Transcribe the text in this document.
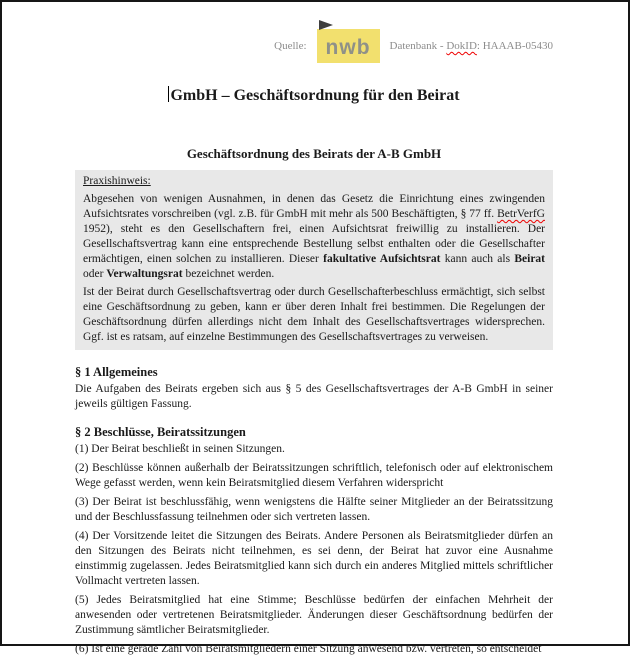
Quelle: nwb Datenbank - DokID: HAAAB-05430
GmbH – Geschäftsordnung für den Beirat
Geschäftsordnung des Beirats der A-B GmbH

Praxishinweis:

Abgesehen von wenigen Ausnahmen, in denen das Gesetz die Einrichtung eines zwingenden Aufsichtsrates vorschreiben (vgl. z.B. für GmbH mit mehr als 500 Beschäftigten, § 77 ff. BetrVerfG 1952), steht es den Gesellschaftern frei, einen Aufsichtsrat freiwillig zu installieren. Der Gesellschaftsvertrag kann eine entsprechende Bestellung selbst enthalten oder die Gesellschafter ermächtigen, einen solchen zu installieren. Dieser fakultative Aufsichtsrat kann auch als Beirat oder Verwaltungsrat bezeichnet werden.

Ist der Beirat durch Gesellschaftsvertrag oder durch Gesellschafterbeschluss ermächtigt, sich selbst eine Geschäftsordnung zu geben, kann er über deren Inhalt frei bestimmen. Die Regelungen der Geschäftsordnung dürfen allerdings nicht dem Inhalt des Gesellschaftsvertrages widersprechen. Ggf. ist es ratsam, auf einzelne Bestimmungen des Gesellschaftsvertrages zu verweisen.

§ 1 Allgemeines

Die Aufgaben des Beirats ergeben sich aus § 5 des Gesellschaftsvertrages der A-B GmbH in seiner jeweils gültigen Fassung.

§ 2 Beschlüsse, Beiratssitzungen

(1) Der Beirat beschließt in seinen Sitzungen.

(2) Beschlüsse können außerhalb der Beiratssitzungen schriftlich, telefonisch oder auf elektronischem Wege gefasst werden, wenn kein Beiratsmitglied diesem Verfahren widerspricht

(3) Der Beirat ist beschlussfähig, wenn wenigstens die Hälfte seiner Mitglieder an der Beiratssitzung und der Beschlussfassung teilnehmen oder sich vertreten lassen.

(4) Der Vorsitzende leitet die Sitzungen des Beirats. Andere Personen als Beiratsmitglieder dürfen an den Sitzungen des Beirats nicht teilnehmen, es sei denn, der Beirat hat zuvor eine Ausnahme einstimmig zugelassen. Jedes Beiratsmitglied kann sich durch ein anderes Mitglied mittels schriftlicher Vollmacht vertreten lassen.

(5) Jedes Beiratsmitglied hat eine Stimme; Beschlüsse bedürfen der einfachen Mehrheit der anwesenden oder vertretenen Beiratsmitglieder. Änderungen dieser Geschäftsordnung bedürfen der Zustimmung sämtlicher Beiratsmitglieder.

(6) Ist eine gerade Zahl von Beiratsmitgliedern einer Sitzung anwesend bzw. vertreten, so entscheidet
